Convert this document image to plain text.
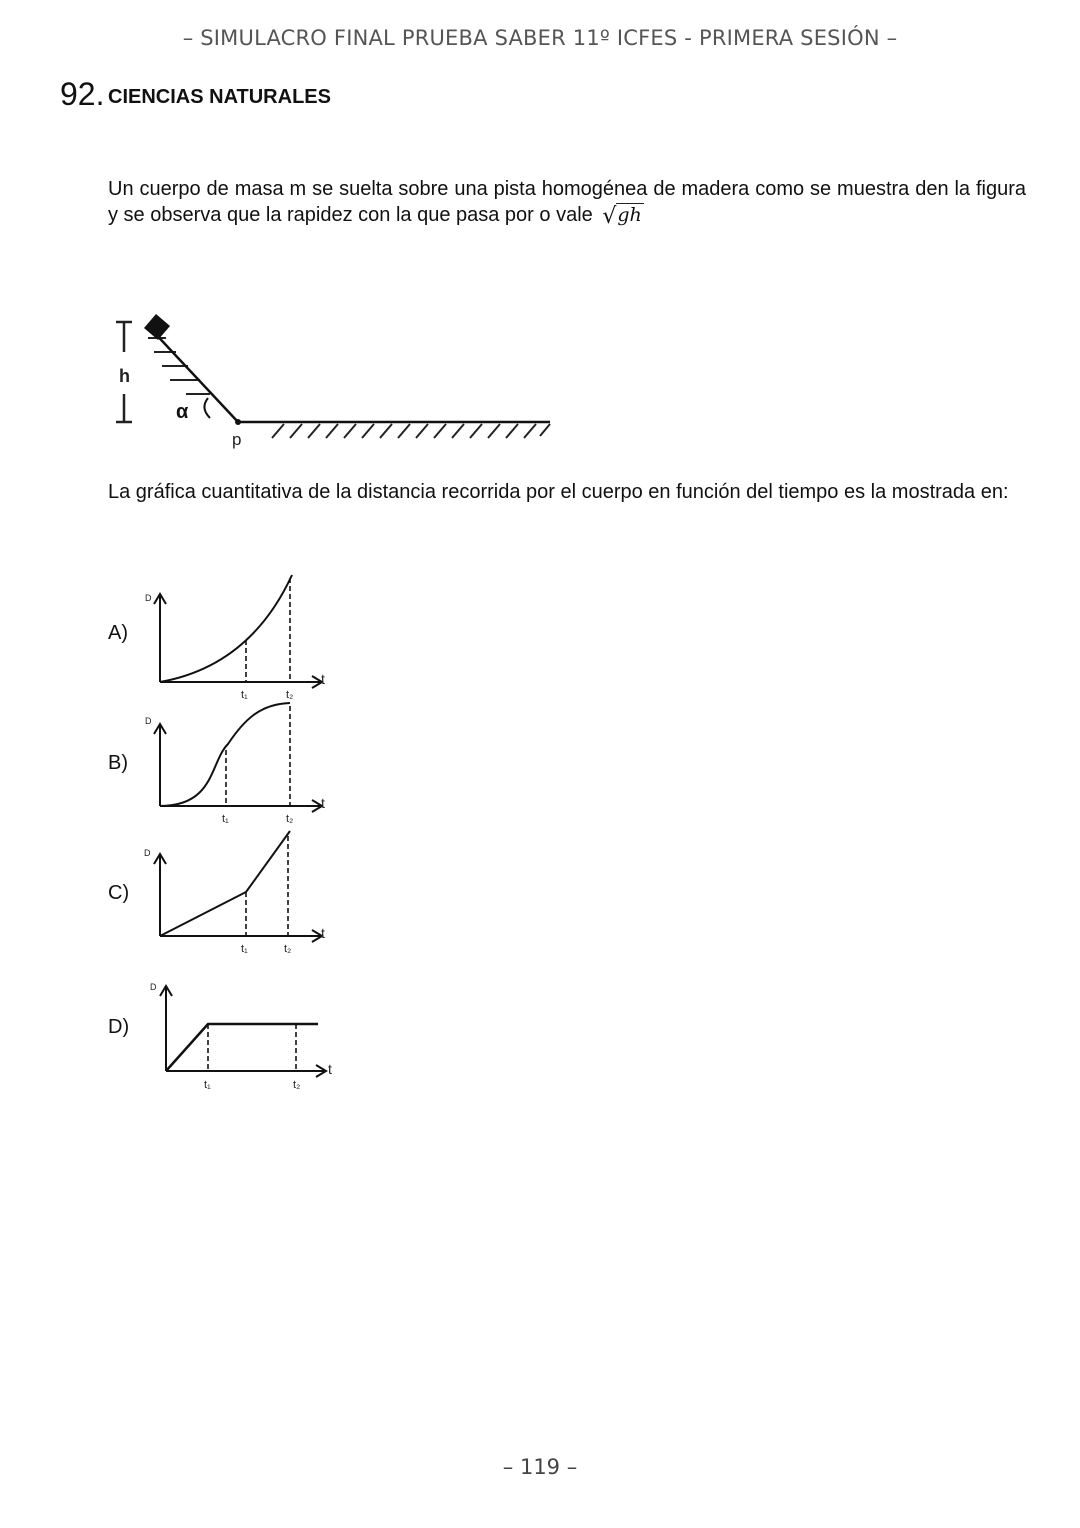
– SIMULACRO FINAL PRUEBA SABER 11º ICFES - PRIMERA SESIÓN –
92. CIENCIAS NATURALES
Un cuerpo de masa m se suelta sobre una pista homogénea de madera como se muestra den la figura y se observa que la rapidez con la que pasa por o vale √gh
h
α
p
La gráfica cuantitativa de la distancia recorrida por el cuerpo en función del tiempo es la mostrada en:
A)
D
t
t₁	t₂
B)
D
t
t₁	t₂
C)
D
t
t₁	t₂
D)
D
t
t₁	t₂
– 119 –
